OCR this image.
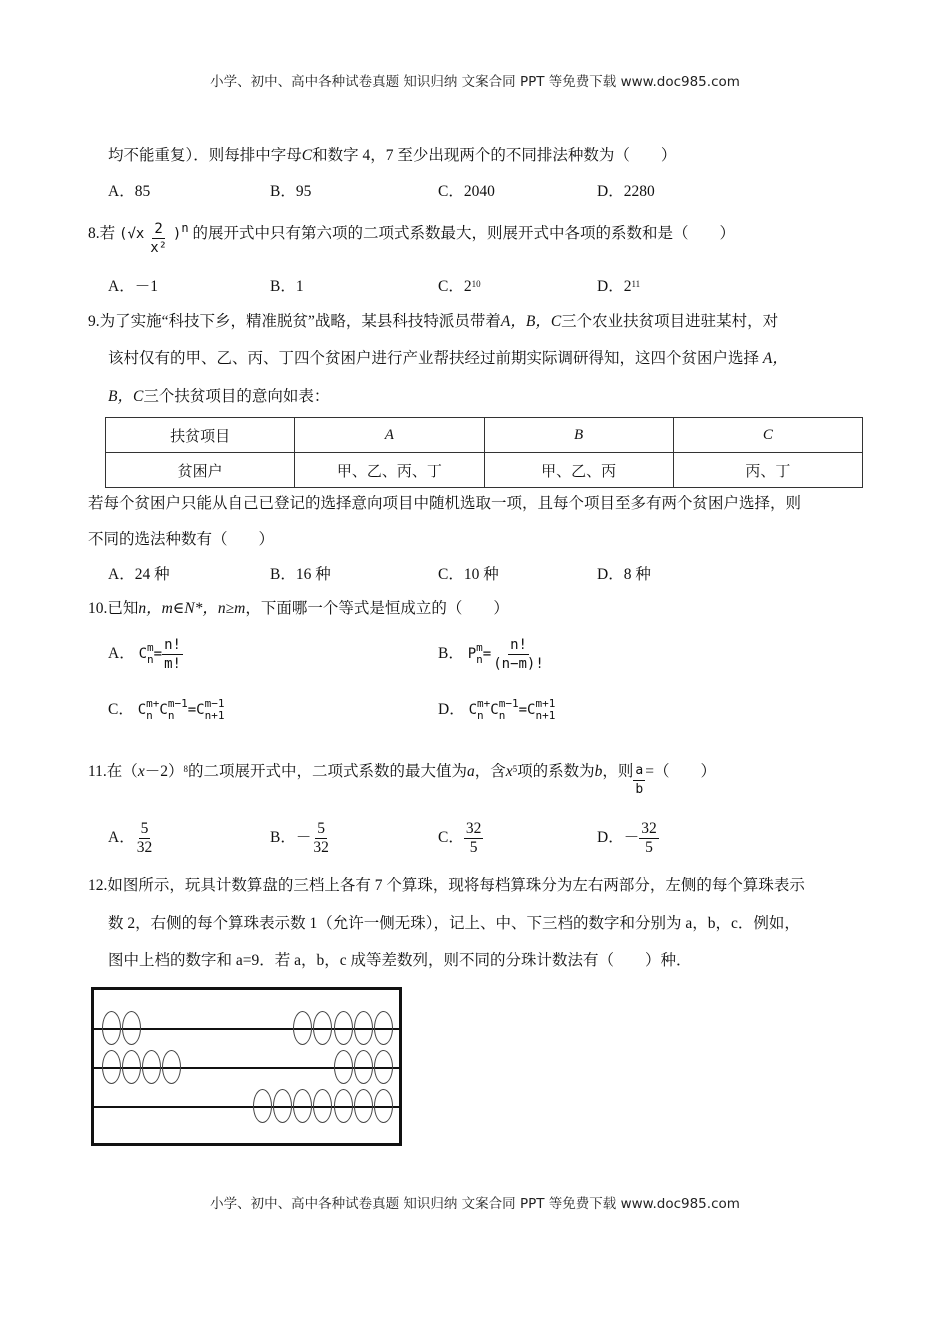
小学、初中、高中各种试卷真题 知识归纳 文案合同 PPT 等免费下载 www.doc985.com
均不能重复）．则每排中字母C和数字 4，7 至少出现两个的不同排法种数为（　　）
A．85	B．95	C．2040	D．2280
8.若 $(√x \frac{2}{\text{x²}} )^n$ 的展开式中只有第六项的二项式系数最大，则展开式中各项的系数和是（　　）
A．－1	B．1	C．$2^{10}$	D．$2^{11}$
9.为了实施“科技下乡，精准脱贫”战略，某县科技特派员带着A，B，C三个农业扶贫项目进驻某村，对
该村仅有的甲、乙、丙、丁四个贫困户进行产业帮扶经过前期实际调研得知，这四个贫困户选择 A，
B，C三个扶贫项目的意向如表：
扶贫项目	A	B	C
贫困户	甲、乙、丙、丁	甲、乙、丙	丙、丁
若每个贫困户只能从自己已登记的选择意向项目中随机选取一项，且每个项目至多有两个贫困户选择，则
不同的选法种数有（　　）
A．24 种	B．16 种	C．10 种	D．8 种
10.已知n，m∈N*，n≥m，下面哪一个等式是恒成立的（　　）
A． C m
$n = \frac{n!}{m!}$	B． P m
$n = \frac{n!}{(n-m)!}$
C． C m+
n C m−1
n =C m−1
n+1	D． C m+
n C m−1
n =C m+1
n+1
11.在$(x-2)^8$的二项展开式中，二项式系数的最大值为a，含$x^5$项的系数为b，则 $\frac{a}{b}$ =（　　）
A． $\frac{5}{32}$	B．－ $\frac{5}{32}$	C． $\frac{32}{5}$	D．－ $\frac{32}{5}$
12.如图所示，玩具计数算盘的三档上各有 7 个算珠，现将每档算珠分为左右两部分，左侧的每个算珠表示
数 2，右侧的每个算珠表示数 1（允许一侧无珠），记上、中、下三档的数字和分别为 a，b，c．例如，
图中上档的数字和 a=9．若 a，b，c 成等差数列，则不同的分珠计数法有（　　）种．
小学、初中、高中各种试卷真题 知识归纳 文案合同 PPT 等免费下载 www.doc985.com
